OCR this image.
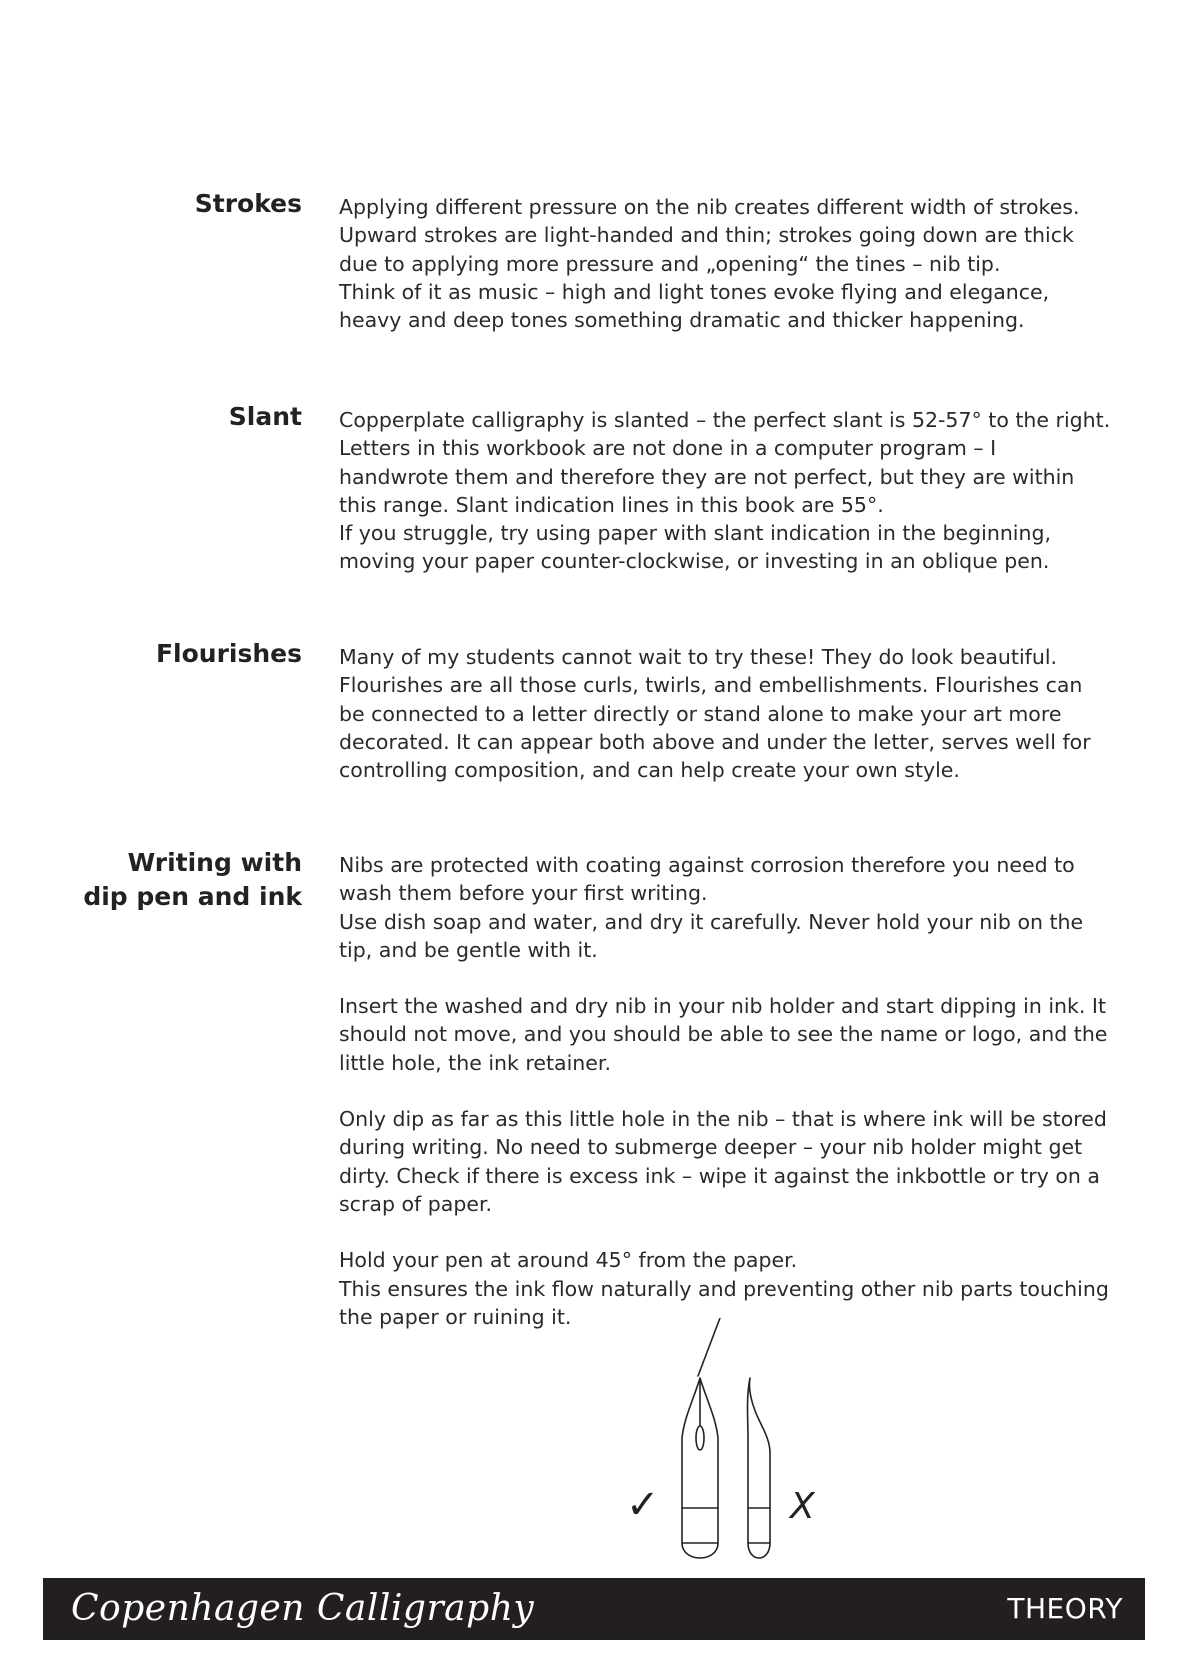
Strokes Applying different pressure on the nib creates different width of strokes. Upward strokes are light-handed and thin; strokes going down are thick due to applying more pressure and „opening“ the tines – nib tip.

Think of it as music – high and light tones evoke flying and elegance, heavy and deep tones something dramatic and thicker happening.

Slant Copperplate calligraphy is slanted – the perfect slant is 52-57° to the right. Letters in this workbook are not done in a computer program – I handwrote them and therefore they are not perfect, but they are within this range. Slant indication lines in this book are 55°.

If you struggle, try using paper with slant indication in the beginning, moving your paper counter-clockwise, or investing in an oblique pen.

Flourishes Many of my students cannot wait to try these! They do look beautiful.

Flourishes are all those curls, twirls, and embellishments. Flourishes can be connected to a letter directly or stand alone to make your art more decorated. It can appear both above and under the letter, serves well for controlling composition, and can help create your own style.

Writing with
dip pen and ink

Nibs are protected with coating against corrosion therefore you need to wash them before your first writing.

Use dish soap and water, and dry it carefully. Never hold your nib on the tip, and be gentle with it.

Insert the washed and dry nib in your nib holder and start dipping in ink. It should not move, and you should be able to see the name or logo, and the little hole, the ink retainer.

Only dip as far as this little hole in the nib – that is where ink will be stored during writing. No need to submerge deeper – your nib holder might get dirty. Check if there is excess ink – wipe it against the inkbottle or try on a scrap of paper.

Hold your pen at around 45° from the paper.

This ensures the ink flow naturally and preventing other nib parts touching the paper or ruining it.

✓	X
Copenhagen Calligraphy	THEORY
